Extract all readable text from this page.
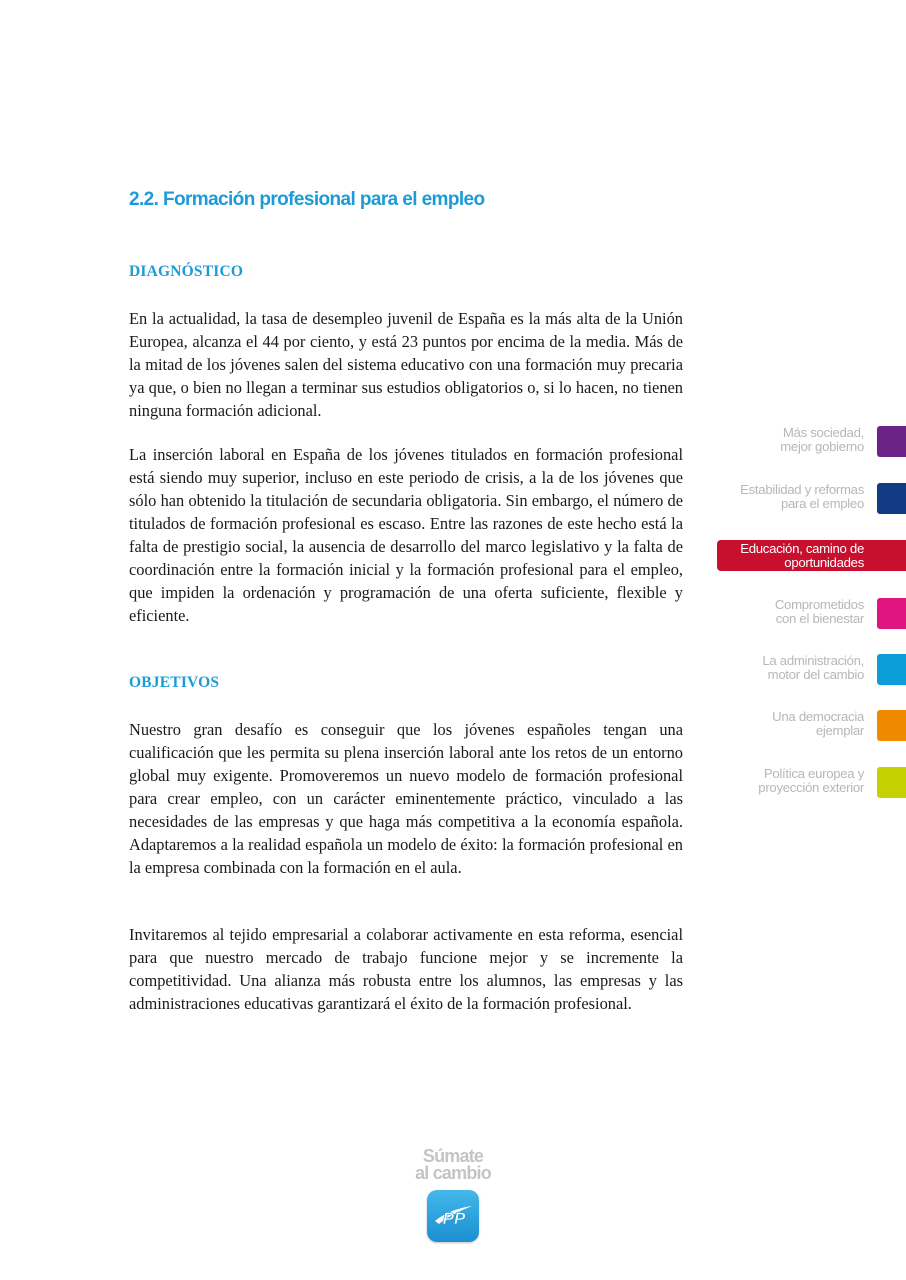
2.2. Formación profesional para el empleo
DIAGNÓSTICO

En la actualidad, la tasa de desempleo juvenil de España es la más alta de la Unión Europea, alcanza el 44 por ciento, y está 23 puntos por encima de la media. Más de la mitad de los jóvenes salen del sistema educativo con una formación muy precaria ya que, o bien no llegan a terminar sus estudios obligatorios o, si lo hacen, no tienen ninguna formación adicional.

La inserción laboral en España de los jóvenes titulados en formación profesional está siendo muy superior, incluso en este periodo de crisis, a la de los jóvenes que sólo han obtenido la titulación de secundaria obligatoria. Sin embargo, el número de titulados de formación profesional es escaso. Entre las razones de este hecho está la falta de prestigio social, la ausencia de desarrollo del marco legislativo y la falta de coordinación entre la formación inicial y la formación profesional para el empleo, que impiden la ordenación y programación de una oferta suficiente, flexible y eficiente.

OBJETIVOS

Nuestro gran desafío es conseguir que los jóvenes españoles tengan una cualificación que les permita su plena inserción laboral ante los retos de un entorno global muy exigente. Promoveremos un nuevo modelo de formación profesional para crear empleo, con un carácter eminentemente práctico, vinculado a las necesidades de las empresas y que haga más competitiva a la economía española. Adaptaremos a la realidad española un modelo de éxito: la formación profesional en la empresa combinada con la formación en el aula.

Invitaremos al tejido empresarial a colaborar activamente en esta reforma, esencial para que nuestro mercado de trabajo funcione mejor y se incremente la competitividad. Una alianza más robusta entre los alumnos, las empresas y las administraciones educativas garantizará el éxito de la formación profesional.

Más sociedad,
mejor gobierno
Estabilidad y reformas
para el empleo
Educación, camino de
oportunidades
Comprometidos
con el bienestar
La administración,
motor del cambio
Una democracia
ejemplar
Política europea y
proyección exterior
Súmate
al cambio
PP
